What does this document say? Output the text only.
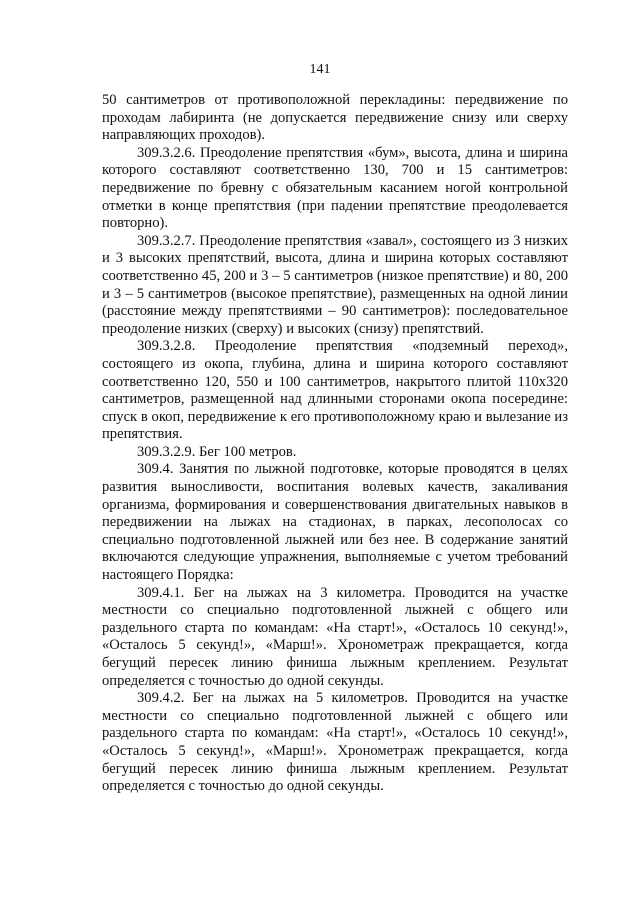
141

50 сантиметров от противоположной перекладины: передвижение по проходам лабиринта (не допускается передвижение снизу или сверху направляющих проходов).

309.3.2.6. Преодоление препятствия «бум», высота, длина и ширина которого составляют соответственно 130, 700 и 15 сантиметров: передвижение по бревну с обязательным касанием ногой контрольной отметки в конце препятствия (при падении препятствие преодолевается повторно).

309.3.2.7. Преодоление препятствия «завал», состоящего из 3 низких и 3 высоких препятствий, высота, длина и ширина которых составляют соответственно 45, 200 и 3 – 5 сантиметров (низкое препятствие) и 80, 200 и 3 – 5 сантиметров (высокое препятствие), размещенных на одной линии (расстояние между препятствиями – 90 сантиметров): последовательное преодоление низких (сверху) и высоких (снизу) препятствий.

309.3.2.8. Преодоление препятствия «подземный переход», состоящего из окопа, глубина, длина и ширина которого составляют соответственно 120, 550 и 100 сантиметров, накрытого плитой 110х320 сантиметров, размещенной над длинными сторонами окопа посередине: спуск в окоп, передвижение к его противоположному краю и вылезание из препятствия.

309.3.2.9. Бег 100 метров.

309.4. Занятия по лыжной подготовке, которые проводятся в целях развития выносливости, воспитания волевых качеств, закаливания организма, формирования и совершенствования двигательных навыков в передвижении на лыжах на стадионах, в парках, лесополосах со специально подготовленной лыжней или без нее. В содержание занятий включаются следующие упражнения, выполняемые с учетом требований настоящего Порядка:

309.4.1. Бег на лыжах на 3 километра. Проводится на участке местности со специально подготовленной лыжней с общего или раздельного старта по командам: «На старт!», «Осталось 10 секунд!», «Осталось 5 секунд!», «Марш!». Хронометраж прекращается, когда бегущий пересек линию финиша лыжным креплением. Результат определяется с точностью до одной секунды.

309.4.2. Бег на лыжах на 5 километров. Проводится на участке местности со специально подготовленной лыжней с общего или раздельного старта по командам: «На старт!», «Осталось 10 секунд!», «Осталось 5 секунд!», «Марш!». Хронометраж прекращается, когда бегущий пересек линию финиша лыжным креплением. Результат определяется с точностью до одной секунды.
